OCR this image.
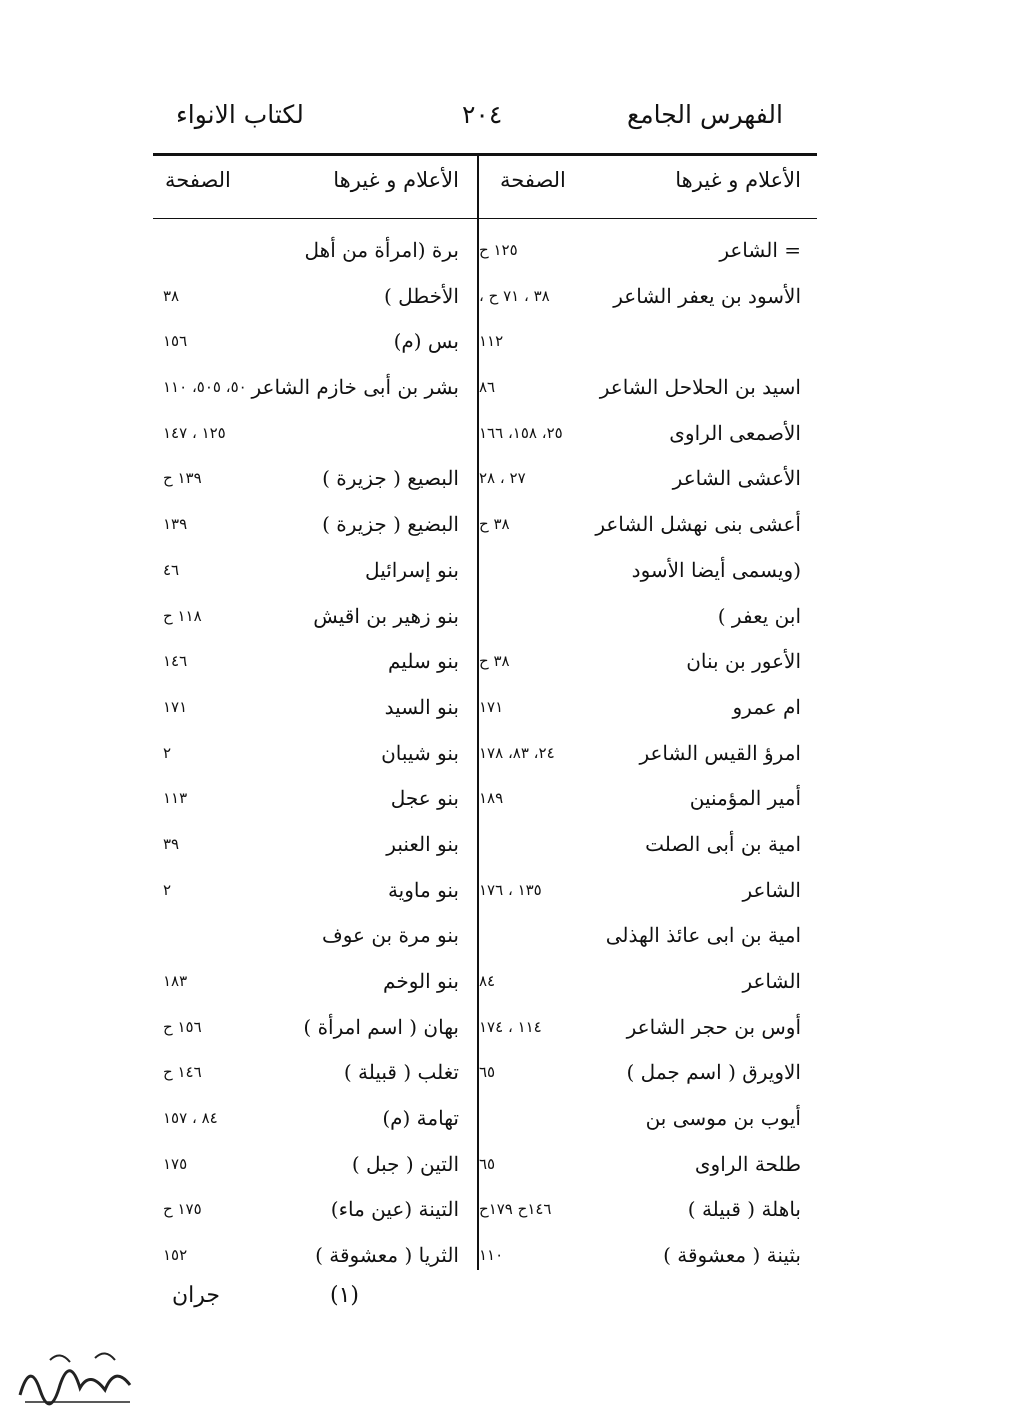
الفهرس الجامع
٢٠٤
لكتاب الانواء
الأعلام و غيرها
الصفحة
الأعلام و غيرها
الصفحة
= الشاعر
١٢٥ ح
الأسود بن يعفر الشاعر
٣٨ ، ٧١ ح ،
١١٢
اسيد بن الحلاحل الشاعر
٨٦
الأصمعى الراوى
٢٥، ١٥٨، ١٦٦
الأعشى الشاعر
٢٧ ، ٢٨
أعشى بنى نهشل الشاعر
٣٨ ح
(ويسمى أيضا الأسود
ابن يعفر )
الأعور بن بنان
٣٨ ح
ام عمرو
١٧١
امرؤ القيس الشاعر
٢٤، ٨٣، ١٧٨
أمير المؤمنين
١٨٩
امية بن أبى الصلت
الشاعر
١٣٥ ، ١٧٦
امية بن ابى عائذ الهذلى
الشاعر
٨٤
أوس بن حجر الشاعر
١١٤ ، ١٧٤
الاويرق ( اسم جمل )
٦٥
أيوب بن موسى بن
طلحة الراوى
٦٥
باهلة ( قبيلة )
١٤٦ح ١٧٩ح
بثينة ( معشوقة )
١١٠
برة (امرأة من أهل
الأخطل )
٣٨
بس (م)
١٥٦
بشر بن أبى خازم الشاعر
٥٠، ٥٠٥، ١١٠
١٢٥ ، ١٤٧
البصيع ( جزيرة )
١٣٩ ح
البضيع ( جزيرة )
١٣٩
بنو إسرائيل
٤٦
بنو زهير بن اقيش
١١٨ ح
بنو سليم
١٤٦
بنو السيد
١٧١
بنو شيبان
٢
بنو عجل
١١٣
بنو العنبر
٣٩
بنو ماوية
٢
بنو مرة بن عوف
بنو الوخم
١٨٣
بهان ( اسم امرأة )
١٥٦ ح
تغلب ( قبيلة )
١٤٦ ح
تهامة (م)
٨٤ ، ١٥٧
التين ( جبل )
١٧٥
التينة (عين ماء)
١٧٥ ح
الثريا ( معشوقة )
١٥٢
(١)
جران
